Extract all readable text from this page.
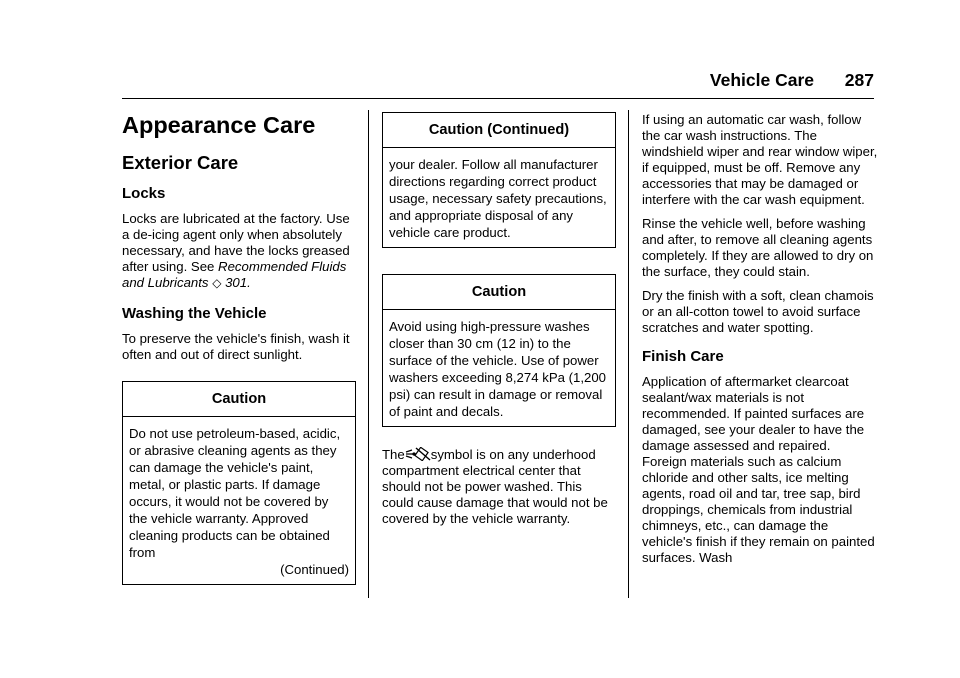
Vehicle Care 287
Appearance Care
Exterior Care
Locks

Locks are lubricated at the factory. Use a de-icing agent only when absolutely necessary, and have the locks greased after using. See Recommended Fluids and Lubricants ◇ 301.

Washing the Vehicle

To preserve the vehicle's finish, wash it often and out of direct sunlight.

Caution
Do not use petroleum-based, acidic, or abrasive cleaning agents as they can damage the vehicle's paint, metal, or plastic parts. If damage occurs, it would not be covered by the vehicle warranty. Approved cleaning products can be obtained from
(Continued)
Caution (Continued)
your dealer. Follow all manufacturer directions regarding correct product usage, necessary safety precautions, and appropriate disposal of any vehicle care product.
Caution
Avoid using high-pressure washes closer than 30 cm (12 in) to the surface of the vehicle. Use of power washers exceeding 8,274 kPa (1,200 psi) can result in damage or removal of paint and decals.

The symbol is on any underhood compartment electrical center that should not be power washed. This could cause damage that would not be covered by the vehicle warranty.

If using an automatic car wash, follow the car wash instructions. The windshield wiper and rear window wiper, if equipped, must be off. Remove any accessories that may be damaged or interfere with the car wash equipment.

Rinse the vehicle well, before washing and after, to remove all cleaning agents completely. If they are allowed to dry on the surface, they could stain.

Dry the finish with a soft, clean chamois or an all-cotton towel to avoid surface scratches and water spotting.

Finish Care

Application of aftermarket clearcoat sealant/wax materials is not recommended. If painted surfaces are damaged, see your dealer to have the damage assessed and repaired. Foreign materials such as calcium chloride and other salts, ice melting agents, road oil and tar, tree sap, bird droppings, chemicals from industrial chimneys, etc., can damage the vehicle's finish if they remain on painted surfaces. Wash
